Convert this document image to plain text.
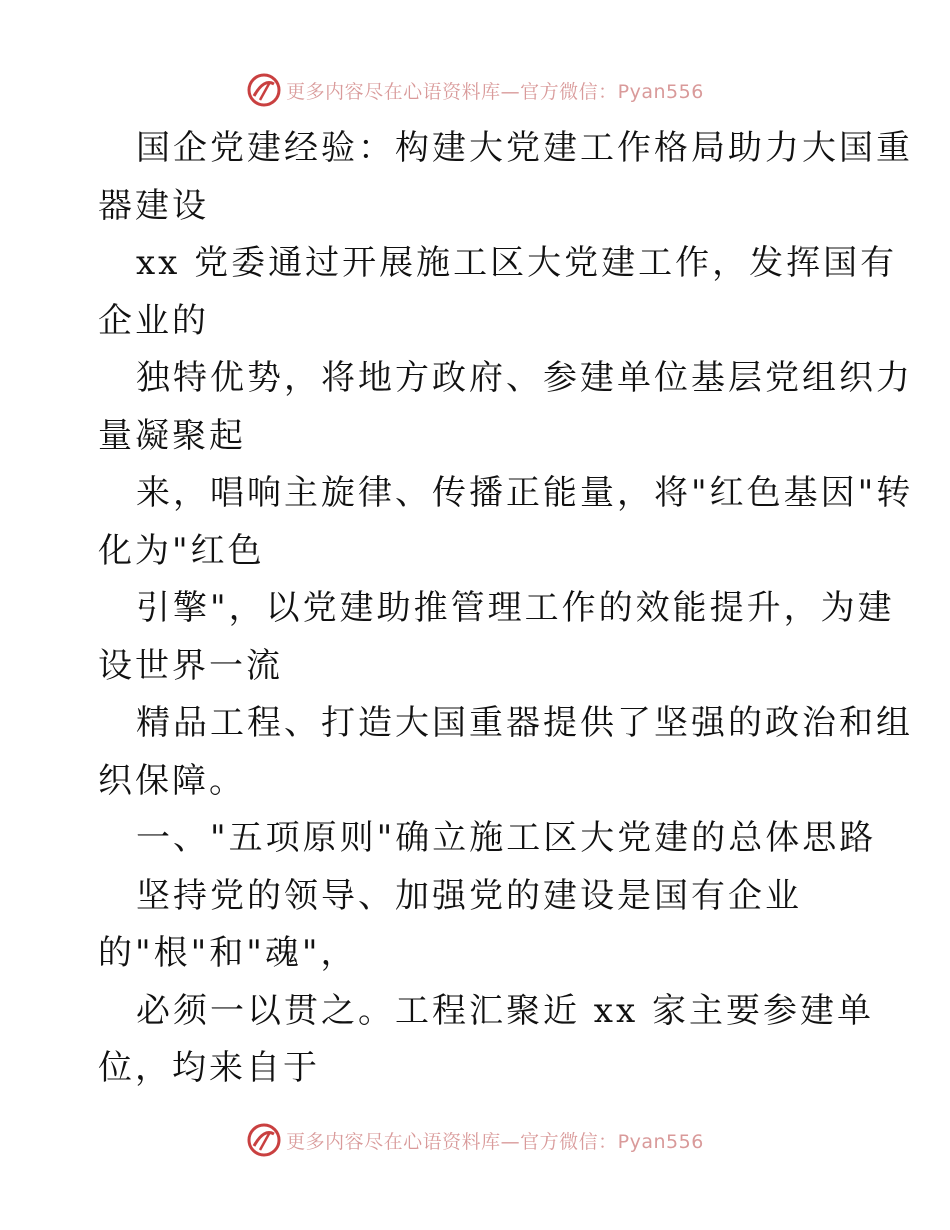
更多内容尽在心语资料库 —官方微信：Pyan556
国企党建经验：构建大党建工作格局助力大国重
器建设
xx 党委通过开展施工区大党建工作，发挥国有
企业的
独特优势，将地方政府、参建单位基层党组织力
量凝聚起
来，唱响主旋律、传播正能量，将"红色基因"转
化为"红色
引擎"，以党建助推管理工作的效能提升，为建
设世界一流
精品工程、打造大国重器提供了坚强的政治和组
织保障。
一、"五项原则"确立施工区大党建的总体思路
坚持党的领导、加强党的建设是国有企业
的"根"和"魂"，
必须一以贯之。工程汇聚近 xx 家主要参建单
位，均来自于
更多内容尽在心语资料库 —官方微信：Pyan556
